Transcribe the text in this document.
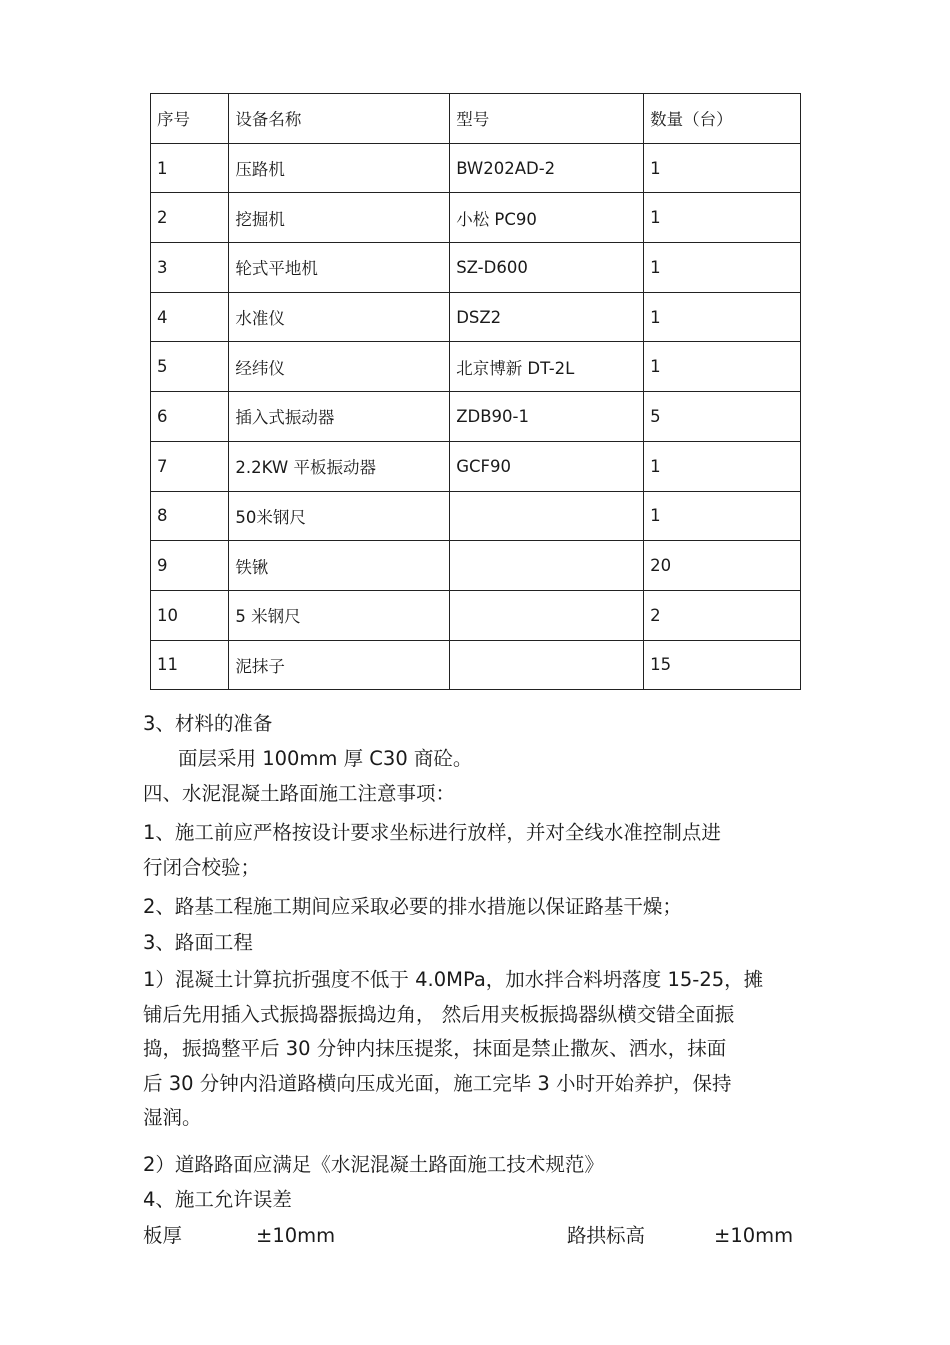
序号	设备名称	型号	数量（台）
1	压路机	BW202AD-2	1
2	挖掘机	小松 PC90	1
3	轮式平地机	SZ-D600	1
4	水准仪	DSZ2	1
5	经纬仪	北京博新 DT-2L	1
6	插入式振动器	ZDB90-1	5
7	2.2KW 平板振动器	GCF90	1
8	50米钢尺		1
9	铁锹		20
10	5 米钢尺		2
11	泥抹子		15
3、材料的准备
面层采用 100mm 厚 C30 商砼。
四、水泥混凝土路面施工注意事项：

1、施工前应严格按设计要求坐标进行放样，并对全线水准控制点进

行闭合校验；

2、路基工程施工期间应采取必要的排水措施以保证路基干燥；
3、路面工程

1）混凝土计算抗折强度不低于 4.0MPa，加水拌合料坍落度 15-25，摊

铺后先用插入式振捣器振捣边角， 然后用夹板振捣器纵横交错全面振

捣，振捣整平后 30 分钟内抹压提浆，抹面是禁止撒灰、洒水，抹面

后 30 分钟内沿道路横向压成光面，施工完毕 3 小时开始养护，保持

湿润。

2）道路路面应满足《水泥混凝土路面施工技术规范》
4、施工允许误差
板厚	±10mm	路拱标高	±10mm
